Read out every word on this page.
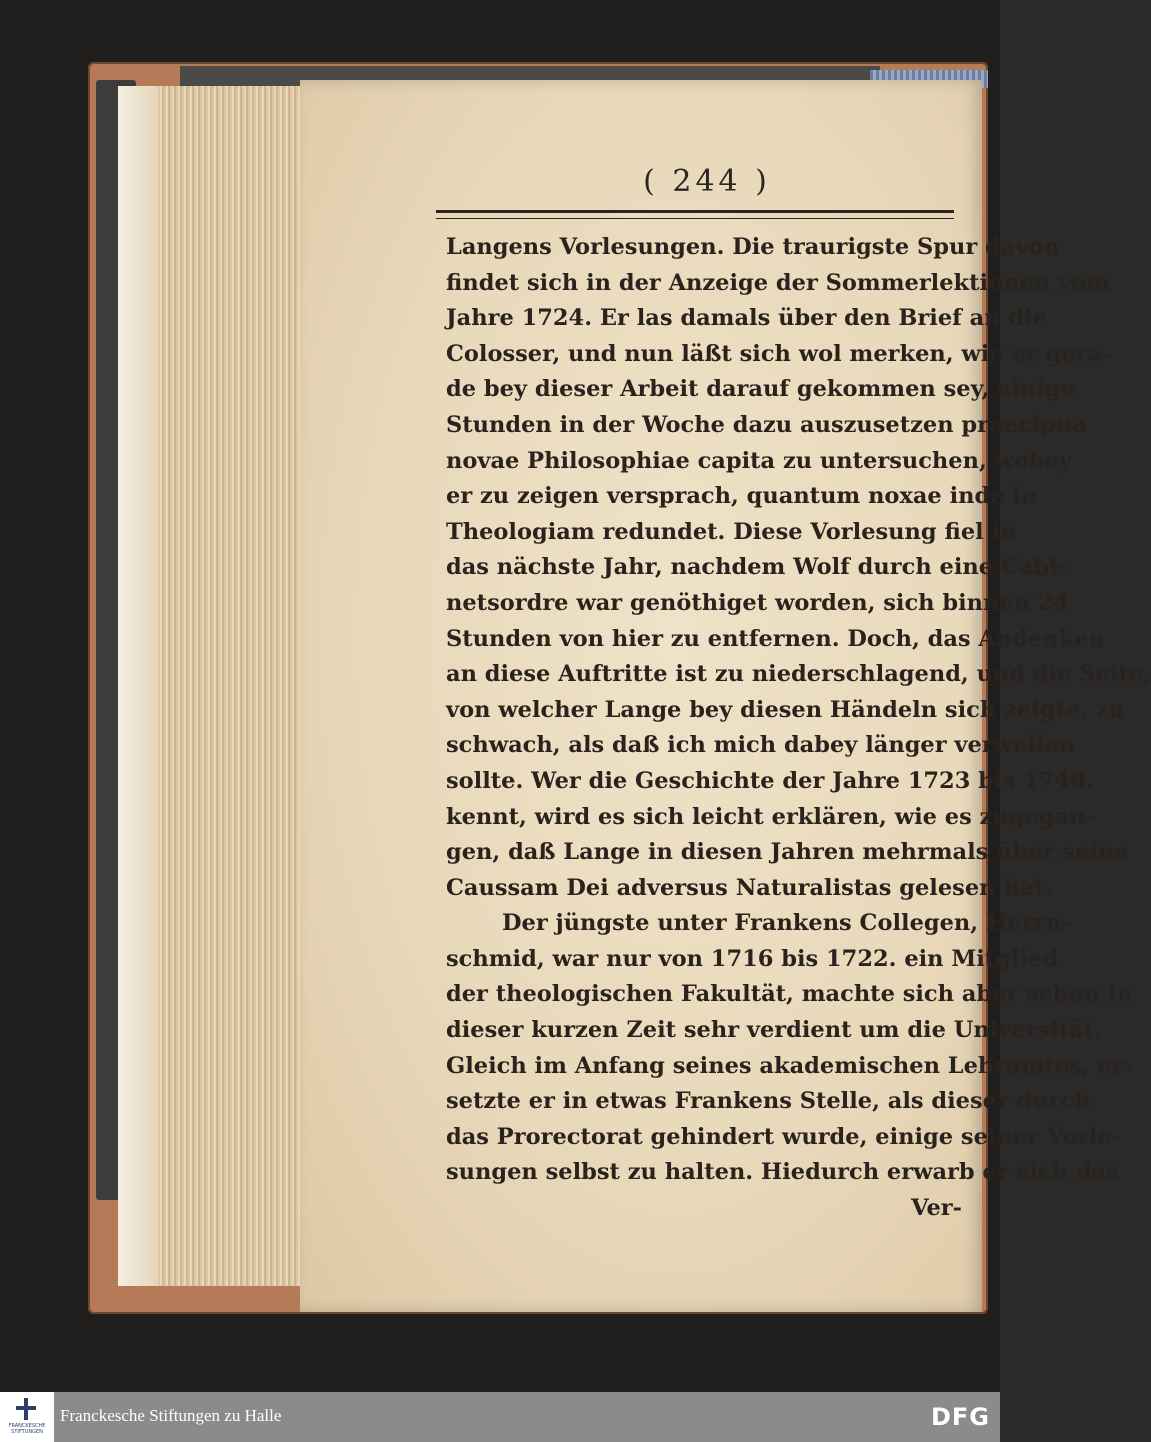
( 244 )
Langens Vorlesungen. Die traurigste Spur davon
findet sich in der Anzeige der Sommerlektionen vom
Jahre 1724. Er las damals über den Brief an die
Colosser, und nun läßt sich wol merken, wie er gera-
de bey dieser Arbeit darauf gekommen sey, einige
Stunden in der Woche dazu auszusetzen praecipua
novae Philosophiae capita zu untersuchen, wobey
er zu zeigen versprach, quantum noxae inde in
Theologiam redundet. Diese Vorlesung fiel in
das nächste Jahr, nachdem Wolf durch eine Cabi-
netsordre war genöthiget worden, sich binnen 24
Stunden von hier zu entfernen. Doch, das Andenken
an diese Auftritte ist zu niederschlagend, und die Seite,
von welcher Lange bey diesen Händeln sich zeigte, zu
schwach, als daß ich mich dabey länger verweilen
sollte. Wer die Geschichte der Jahre 1723 bis 1740.
kennt, wird es sich leicht erklären, wie es zugegan-
gen, daß Lange in diesen Jahren mehrmals über seine
Caussam Dei adversus Naturalistas gelesen hat.
Der jüngste unter Frankens Collegen, Herrn-
schmid, war nur von 1716 bis 1722. ein Mitglied
der theologischen Fakultät, machte sich aber schon in
dieser kurzen Zeit sehr verdient um die Universität.
Gleich im Anfang seines akademischen Lehramtes, er-
setzte er in etwas Frankens Stelle, als dieser durch
das Prorectorat gehindert wurde, einige seiner Vorle-
sungen selbst zu halten. Hiedurch erwarb er sich das
Ver-
FRANCKESCHE STIFTUNGEN
Franckesche Stiftungen zu Halle	DFG
